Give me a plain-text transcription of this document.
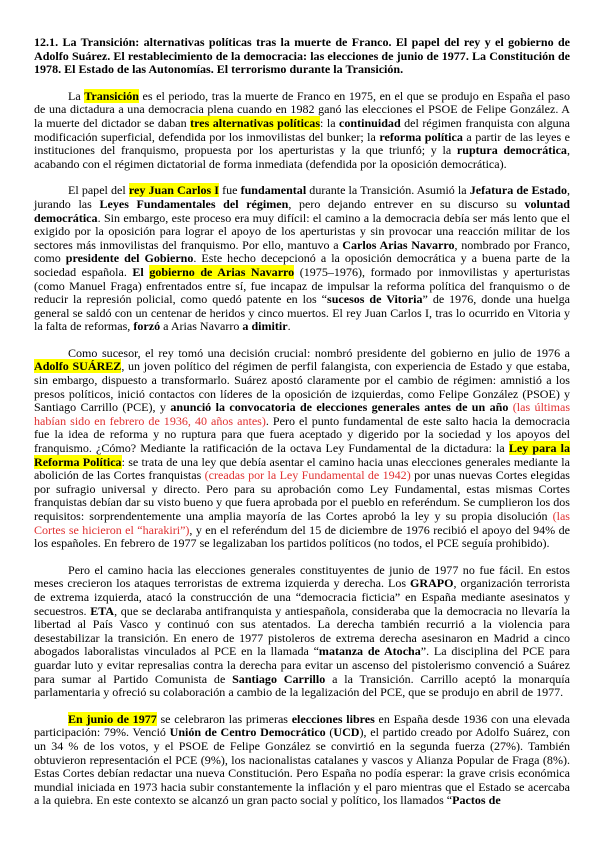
12.1. La Transición: alternativas políticas tras la muerte de Franco. El papel del rey y el gobierno de Adolfo Suárez. El restablecimiento de la democracia: las elecciones de junio de 1977. La Constitución de 1978. El Estado de las Autonomías. El terrorismo durante la Transición.

La Transición es el periodo, tras la muerte de Franco en 1975, en el que se produjo en España el paso de una dictadura a una democracia plena cuando en 1982 ganó las elecciones el PSOE de Felipe González. A la muerte del dictador se daban tres alternativas políticas: la continuidad del régimen franquista con alguna modificación superficial, defendida por los inmovilistas del bunker; la reforma política a partir de las leyes e instituciones del franquismo, propuesta por los aperturistas y la que triunfó; y la ruptura democrática, acabando con el régimen dictatorial de forma inmediata (defendida por la oposición democrática).

El papel del rey Juan Carlos I fue fundamental durante la Transición. Asumió la Jefatura de Estado, jurando las Leyes Fundamentales del régimen, pero dejando entrever en su discurso su voluntad democrática. Sin embargo, este proceso era muy difícil: el camino a la democracia debía ser más lento que el exigido por la oposición para lograr el apoyo de los aperturistas y sin provocar una reacción militar de los sectores más inmovilistas del franquismo. Por ello, mantuvo a Carlos Arias Navarro, nombrado por Franco, como presidente del Gobierno. Este hecho decepcionó a la oposición democrática y a buena parte de la sociedad española. El gobierno de Arias Navarro (1975–1976), formado por inmovilistas y aperturistas (como Manuel Fraga) enfrentados entre sí, fue incapaz de impulsar la reforma política del franquismo o de reducir la represión policial, como quedó patente en los “sucesos de Vitoria” de 1976, donde una huelga general se saldó con un centenar de heridos y cinco muertos. El rey Juan Carlos I, tras lo ocurrido en Vitoria y la falta de reformas, forzó a Arias Navarro a dimitir.

Como sucesor, el rey tomó una decisión crucial: nombró presidente del gobierno en julio de 1976 a Adolfo SUÁREZ, un joven político del régimen de perfil falangista, con experiencia de Estado y que estaba, sin embargo, dispuesto a transformarlo. Suárez apostó claramente por el cambio de régimen: amnistió a los presos políticos, inició contactos con líderes de la oposición de izquierdas, como Felipe González (PSOE) y Santiago Carrillo (PCE), y anunció la convocatoria de elecciones generales antes de un año (las últimas habían sido en febrero de 1936, 40 años antes). Pero el punto fundamental de este salto hacia la democracia fue la idea de reforma y no ruptura para que fuera aceptado y digerido por la sociedad y los apoyos del franquismo. ¿Cómo? Mediante la ratificación de la octava Ley Fundamental de la dictadura: la Ley para la Reforma Política: se trata de una ley que debía asentar el camino hacia unas elecciones generales mediante la abolición de las Cortes franquistas (creadas por la Ley Fundamental de 1942) por unas nuevas Cortes elegidas por sufragio universal y directo. Pero para su aprobación como Ley Fundamental, estas mismas Cortes franquistas debían dar su visto bueno y que fuera aprobada por el pueblo en referéndum. Se cumplieron los dos requisitos: sorprendentemente una amplia mayoría de las Cortes aprobó la ley y su propia disolución (las Cortes se hicieron el “harakiri”), y en el referéndum del 15 de diciembre de 1976 recibió el apoyo del 94% de los españoles. En febrero de 1977 se legalizaban los partidos políticos (no todos, el PCE seguía prohibido).

Pero el camino hacia las elecciones generales constituyentes de junio de 1977 no fue fácil. En estos meses crecieron los ataques terroristas de extrema izquierda y derecha. Los GRAPO, organización terrorista de extrema izquierda, atacó la construcción de una “democracia ficticia” en España mediante asesinatos y secuestros. ETA, que se declaraba antifranquista y antiespañola, consideraba que la democracia no llevaría la libertad al País Vasco y continuó con sus atentados. La derecha también recurrió a la violencia para desestabilizar la transición. En enero de 1977 pistoleros de extrema derecha asesinaron en Madrid a cinco abogados laboralistas vinculados al PCE en la llamada “matanza de Atocha”. La disciplina del PCE para guardar luto y evitar represalias contra la derecha para evitar un ascenso del pistolerismo convenció a Suárez para sumar al Partido Comunista de Santiago Carrillo a la Transición. Carrillo aceptó la monarquía parlamentaria y ofreció su colaboración a cambio de la legalización del PCE, que se produjo en abril de 1977.

En junio de 1977 se celebraron las primeras elecciones libres en España desde 1936 con una elevada participación: 79%. Venció Unión de Centro Democrático (UCD), el partido creado por Adolfo Suárez, con un 34 % de los votos, y el PSOE de Felipe González se convirtió en la segunda fuerza (27%). También obtuvieron representación el PCE (9%), los nacionalistas catalanes y vascos y Alianza Popular de Fraga (8%). Estas Cortes debían redactar una nueva Constitución. Pero España no podía esperar: la grave crisis económica mundial iniciada en 1973 hacia subir constantemente la inflación y el paro mientras que el Estado se acercaba a la quiebra. En este contexto se alcanzó un gran pacto social y político, los llamados “Pactos de
